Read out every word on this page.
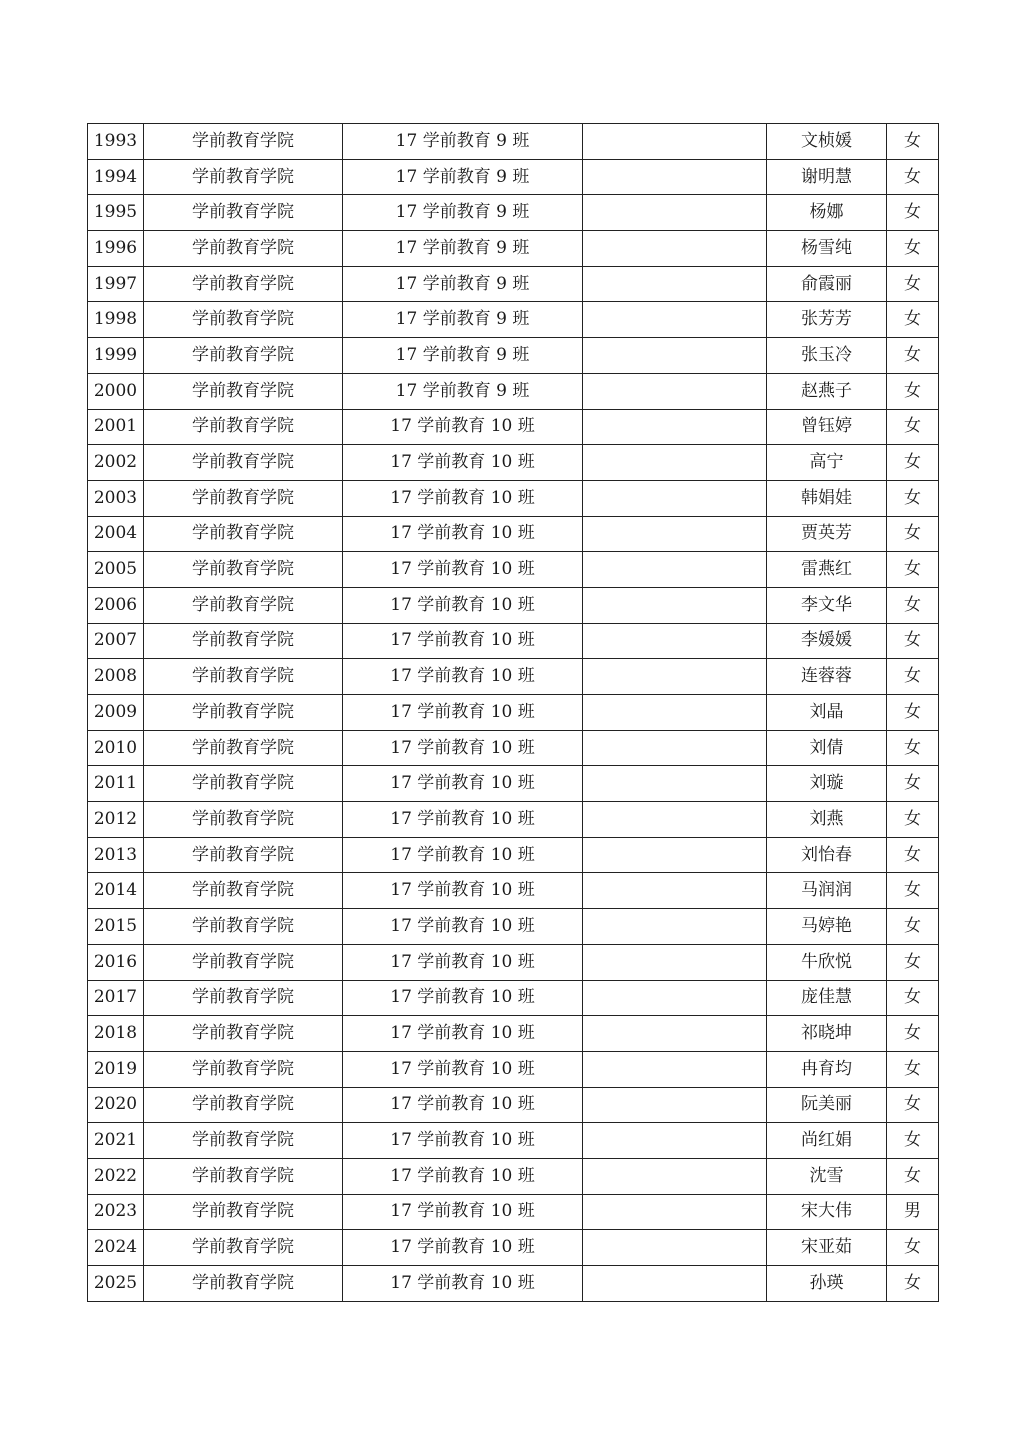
1993	学前教育学院	17 学前教育 9 班		文桢媛	女
1994	学前教育学院	17 学前教育 9 班		谢明慧	女
1995	学前教育学院	17 学前教育 9 班		杨娜	女
1996	学前教育学院	17 学前教育 9 班		杨雪纯	女
1997	学前教育学院	17 学前教育 9 班		俞霞丽	女
1998	学前教育学院	17 学前教育 9 班		张芳芳	女
1999	学前教育学院	17 学前教育 9 班		张玉冷	女
2000	学前教育学院	17 学前教育 9 班		赵燕子	女
2001	学前教育学院	17 学前教育 10 班		曾钰婷	女
2002	学前教育学院	17 学前教育 10 班		高宁	女
2003	学前教育学院	17 学前教育 10 班		韩娟娃	女
2004	学前教育学院	17 学前教育 10 班		贾英芳	女
2005	学前教育学院	17 学前教育 10 班		雷燕红	女
2006	学前教育学院	17 学前教育 10 班		李文华	女
2007	学前教育学院	17 学前教育 10 班		李媛媛	女
2008	学前教育学院	17 学前教育 10 班		连蓉蓉	女
2009	学前教育学院	17 学前教育 10 班		刘晶	女
2010	学前教育学院	17 学前教育 10 班		刘倩	女
2011	学前教育学院	17 学前教育 10 班		刘璇	女
2012	学前教育学院	17 学前教育 10 班		刘燕	女
2013	学前教育学院	17 学前教育 10 班		刘怡春	女
2014	学前教育学院	17 学前教育 10 班		马润润	女
2015	学前教育学院	17 学前教育 10 班		马婷艳	女
2016	学前教育学院	17 学前教育 10 班		牛欣悦	女
2017	学前教育学院	17 学前教育 10 班		庞佳慧	女
2018	学前教育学院	17 学前教育 10 班		祁晓坤	女
2019	学前教育学院	17 学前教育 10 班		冉育均	女
2020	学前教育学院	17 学前教育 10 班		阮美丽	女
2021	学前教育学院	17 学前教育 10 班		尚红娟	女
2022	学前教育学院	17 学前教育 10 班		沈雪	女
2023	学前教育学院	17 学前教育 10 班		宋大伟	男
2024	学前教育学院	17 学前教育 10 班		宋亚茹	女
2025	学前教育学院	17 学前教育 10 班		孙瑛	女
